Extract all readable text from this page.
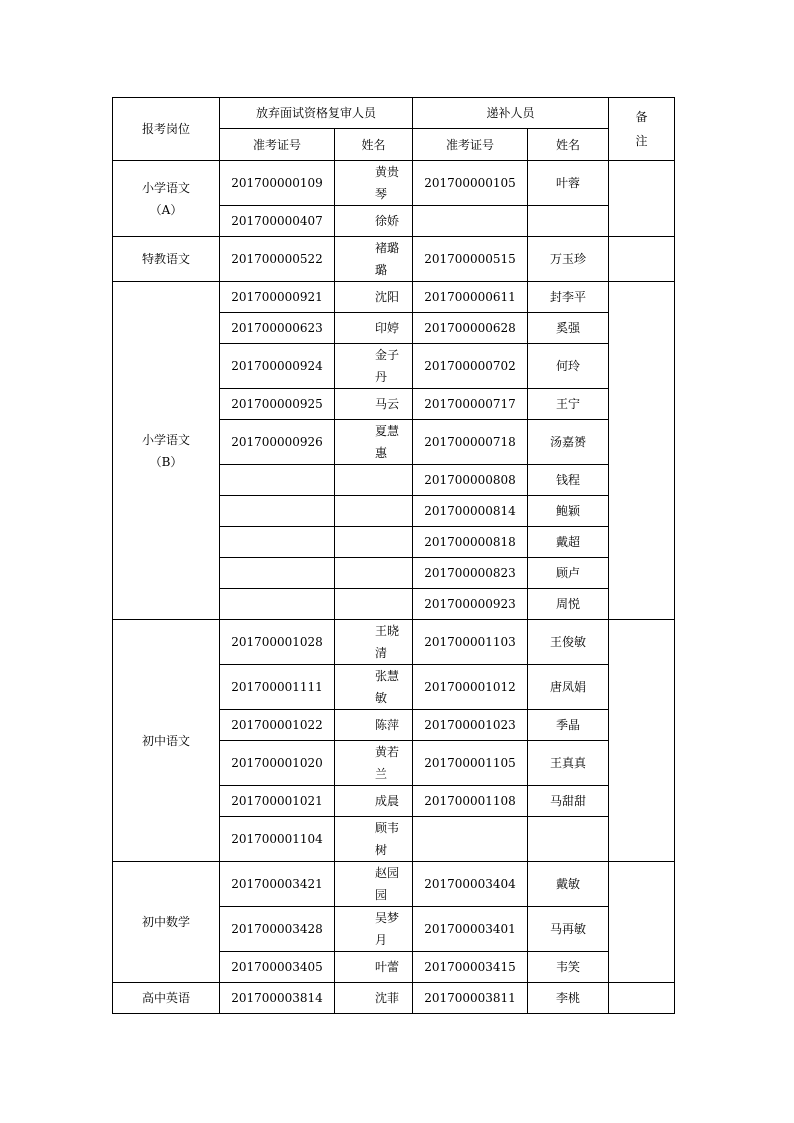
报考岗位	放弃面试资格复审人员		递补人员		备注

	准考证号	姓名	准考证号	姓名	
小学语文（A）	201700000109	黄贵琴	201700000105	叶蓉	
	201700000407	徐娇			

特教语文	201700000522	褚璐璐	201700000515	万玉珍	
小学语文（B）	201700000921	沈阳	201700000611	封李平	
	201700000623	印婷	201700000628	奚强	
	201700000924	金子丹	201700000702	何玲	
	201700000925	马云	201700000717	王宁	
	201700000926	夏慧惠	201700000718	汤嘉赟	

		201700000808	钱程	

		201700000814	鲍颖	

		201700000818	戴超	

		201700000823	顾卢	

		201700000923	周悦	
初中语文	201700001028	王晓清	201700001103	王俊敏	
	201700001111	张慧敏	201700001012	唐凤娟	
	201700001022	陈萍	201700001023	季晶	
	201700001020	黄若兰	201700001105	王真真	
	201700001021	成晨	201700001108	马甜甜	
	201700001104	顾韦树			

初中数学	201700003421	赵园园	201700003404	戴敏	
	201700003428	吴梦月	201700003401	马再敏	
	201700003405	叶蕾	201700003415	韦笑	
高中英语	201700003814	沈菲	201700003811	李桃	
